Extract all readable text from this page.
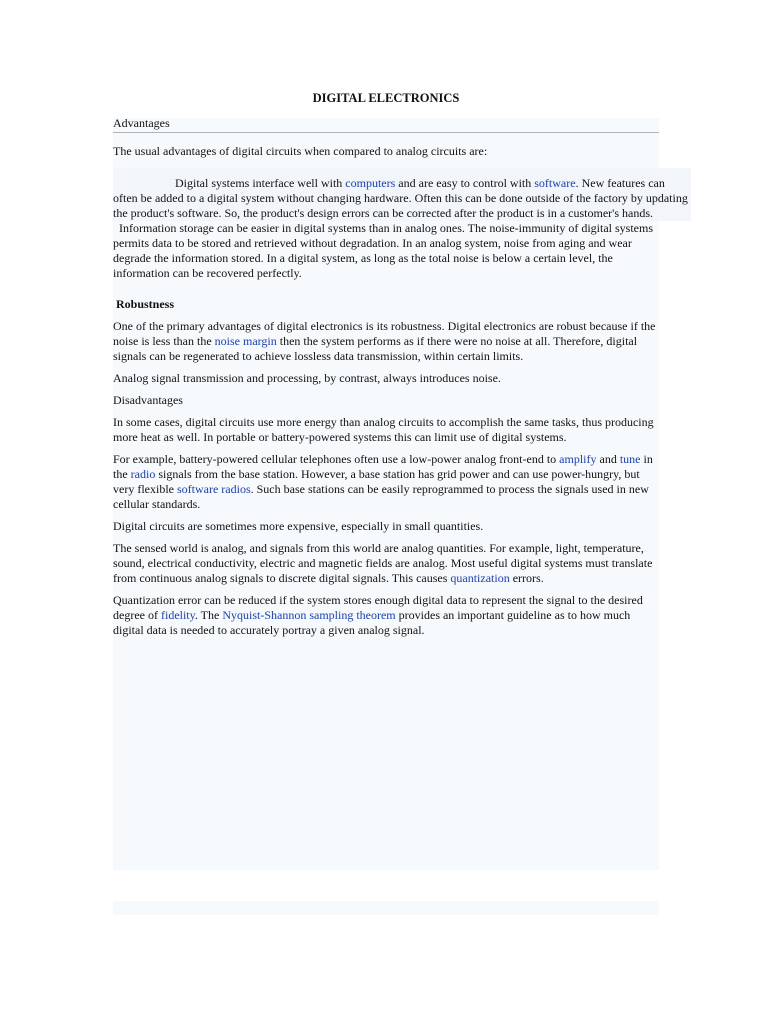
DIGITAL ELECTRONICS
Advantages

The usual advantages of digital circuits when compared to analog circuits are:

Digital systems interface well with computers and are easy to control with software. New features can often be added to a digital system without changing hardware. Often this can be done outside of the factory by updating the product's software. So, the product's design errors can be corrected after the product is in a customer's hands.

Information storage can be easier in digital systems than in analog ones. The noise-immunity of digital systems permits data to be stored and retrieved without degradation. In an analog system, noise from aging and wear degrade the information stored. In a digital system, as long as the total noise is below a certain level, the information can be recovered perfectly.

Robustness

One of the primary advantages of digital electronics is its robustness. Digital electronics are robust because if the noise is less than the noise margin then the system performs as if there were no noise at all. Therefore, digital signals can be regenerated to achieve lossless data transmission, within certain limits.

Analog signal transmission and processing, by contrast, always introduces noise.

Disadvantages

In some cases, digital circuits use more energy than analog circuits to accomplish the same tasks, thus producing more heat as well. In portable or battery-powered systems this can limit use of digital systems.

For example, battery-powered cellular telephones often use a low-power analog front-end to amplify and tune in the radio signals from the base station. However, a base station has grid power and can use power-hungry, but very flexible software radios. Such base stations can be easily reprogrammed to process the signals used in new cellular standards.

Digital circuits are sometimes more expensive, especially in small quantities.

The sensed world is analog, and signals from this world are analog quantities. For example, light, temperature, sound, electrical conductivity, electric and magnetic fields are analog. Most useful digital systems must translate from continuous analog signals to discrete digital signals. This causes quantization errors.

Quantization error can be reduced if the system stores enough digital data to represent the signal to the desired degree of fidelity. The Nyquist-Shannon sampling theorem provides an important guideline as to how much digital data is needed to accurately portray a given analog signal.
